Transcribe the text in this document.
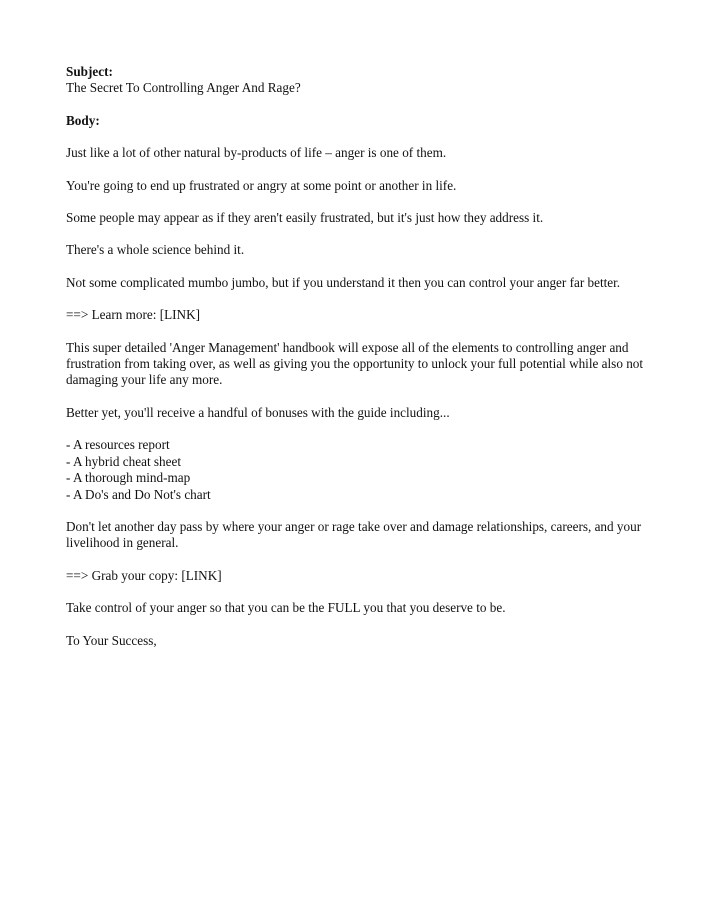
Subject:

The Secret To Controlling Anger And Rage?

Body:

Just like a lot of other natural by-products of life – anger is one of them.

You're going to end up frustrated or angry at some point or another in life.

Some people may appear as if they aren't easily frustrated, but it's just how they address it.

There's a whole science behind it.

Not some complicated mumbo jumbo, but if you understand it then you can control your anger far better.

==> Learn more: [LINK]

This super detailed 'Anger Management' handbook will expose all of the elements to controlling anger and frustration from taking over, as well as giving you the opportunity to unlock your full potential while also not damaging your life any more.

Better yet, you'll receive a handful of bonuses with the guide including...

- A resources report
- A hybrid cheat sheet
- A thorough mind-map
- A Do's and Do Not's chart

Don't let another day pass by where your anger or rage take over and damage relationships, careers, and your livelihood in general.

==> Grab your copy: [LINK]

Take control of your anger so that you can be the FULL you that you deserve to be.

To Your Success,
